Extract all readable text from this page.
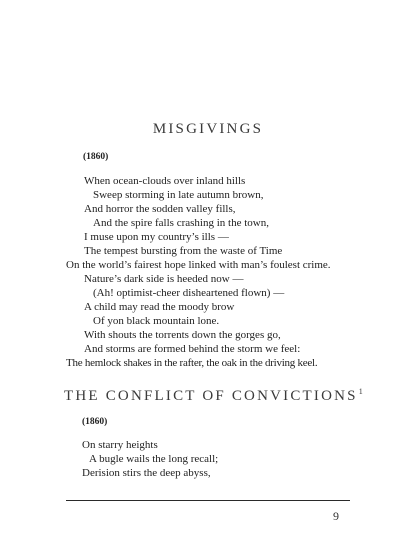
MISGIVINGS
(1860)
When ocean-clouds over inland hills
Sweep storming in late autumn brown,
And horror the sodden valley fills,
And the spire falls crashing in the town,
I muse upon my country’s ills —
The tempest bursting from the waste of Time
On the world’s fairest hope linked with man’s foulest crime.
Nature’s dark side is heeded now —
(Ah! optimist-cheer disheartened flown) —
A child may read the moody brow
Of yon black mountain lone.
With shouts the torrents down the gorges go,
And storms are formed behind the storm we feel:
The hemlock shakes in the rafter, the oak in the driving keel.
THE CONFLICT OF CONVICTIONS$^1$
(1860)
On starry heights
A bugle wails the long recall;
Derision stirs the deep abyss,
9
